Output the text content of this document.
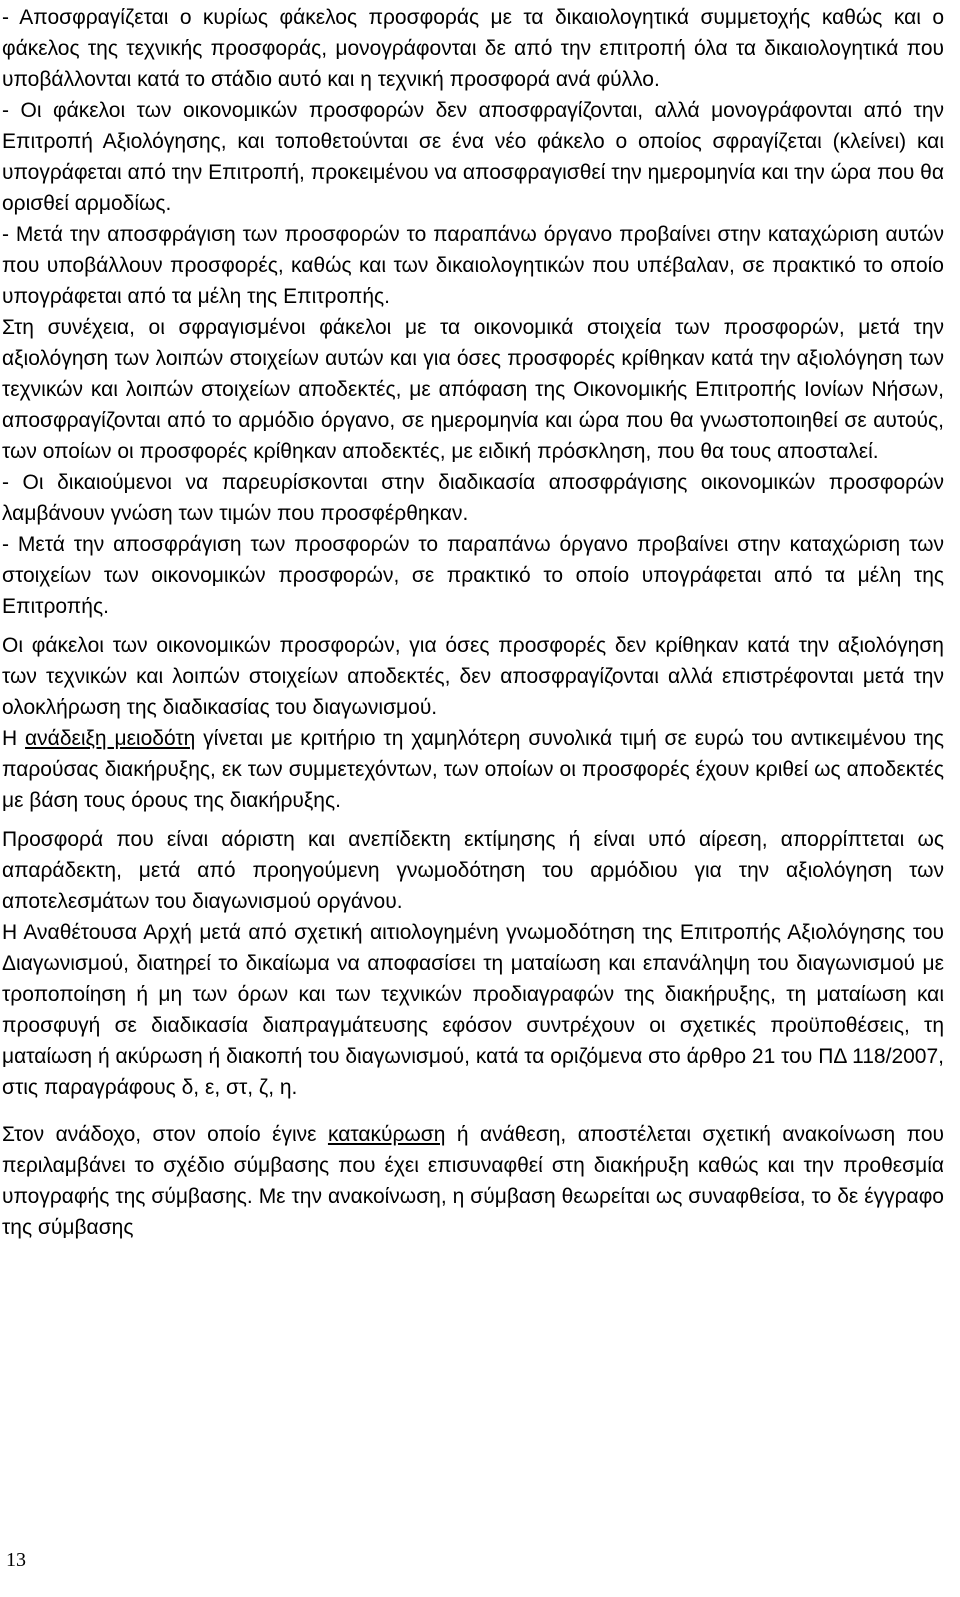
- Αποσφραγίζεται ο κυρίως φάκελος προσφοράς με τα δικαιολογητικά συμμετοχής καθώς και ο φάκελος της τεχνικής προσφοράς, μονογράφονται δε από την επιτροπή όλα τα δικαιολογητικά που υποβάλλονται κατά το στάδιο αυτό και η τεχνική προσφορά ανά φύλλο.

- Οι φάκελοι των οικονομικών προσφορών δεν αποσφραγίζονται, αλλά μονογράφονται από την Επιτροπή Αξιολόγησης, και τοποθετούνται σε ένα νέο φάκελο ο οποίος σφραγίζεται (κλείνει) και υπογράφεται από την Επιτροπή, προκειμένου να αποσφραγισθεί την ημερομηνία και την ώρα που θα ορισθεί αρμοδίως.

- Μετά την αποσφράγιση των προσφορών το παραπάνω όργανο προβαίνει στην καταχώριση αυτών που υποβάλλουν προσφορές, καθώς και των δικαιολογητικών που υπέβαλαν, σε πρακτικό το οποίο υπογράφεται από τα μέλη της Επιτροπής.

Στη συνέχεια, οι σφραγισμένοι φάκελοι με τα οικονομικά στοιχεία των προσφορών, μετά την αξιολόγηση των λοιπών στοιχείων αυτών και για όσες προσφορές κρίθηκαν κατά την αξιολόγηση των τεχνικών και λοιπών στοιχείων αποδεκτές, με απόφαση της Οικονομικής Επιτροπής Ιονίων Νήσων, αποσφραγίζονται από το αρμόδιο όργανο, σε ημερομηνία και ώρα που θα γνωστοποιηθεί σε αυτούς, των οποίων οι προσφορές κρίθηκαν αποδεκτές, με ειδική πρόσκληση, που θα τους αποσταλεί.

- Οι δικαιούμενοι να παρευρίσκονται στην διαδικασία αποσφράγισης οικονομικών προσφορών λαμβάνουν γνώση των τιμών που προσφέρθηκαν.

- Μετά την αποσφράγιση των προσφορών το παραπάνω όργανο προβαίνει στην καταχώριση των στοιχείων των οικονομικών προσφορών, σε πρακτικό το οποίο υπογράφεται από τα μέλη της Επιτροπής.

Οι φάκελοι των οικονομικών προσφορών, για όσες προσφορές δεν κρίθηκαν κατά την αξιολόγηση των τεχνικών και λοιπών στοιχείων αποδεκτές, δεν αποσφραγίζονται αλλά επιστρέφονται μετά την ολοκλήρωση της διαδικασίας του διαγωνισμού.

Η ανάδειξη μειοδότη γίνεται με κριτήριο τη χαμηλότερη συνολικά τιμή σε ευρώ του αντικειμένου της παρούσας διακήρυξης, εκ των συμμετεχόντων, των οποίων οι προσφορές έχουν κριθεί ως αποδεκτές με βάση τους όρους της διακήρυξης.

Προσφορά που είναι αόριστη και ανεπίδεκτη εκτίμησης ή είναι υπό αίρεση, απορρίπτεται ως απαράδεκτη, μετά από προηγούμενη γνωμοδότηση του αρμόδιου για την αξιολόγηση των αποτελεσμάτων του διαγωνισμού οργάνου.

Η Αναθέτουσα Αρχή μετά από σχετική αιτιολογημένη γνωμοδότηση της Επιτροπής Αξιολόγησης του Διαγωνισμού, διατηρεί το δικαίωμα να αποφασίσει τη ματαίωση και επανάληψη του διαγωνισμού με τροποποίηση ή μη των όρων και των τεχνικών προδιαγραφών της διακήρυξης, τη ματαίωση και προσφυγή σε διαδικασία διαπραγμάτευσης εφόσον συντρέχουν οι σχετικές προϋποθέσεις, τη ματαίωση ή ακύρωση ή διακοπή του διαγωνισμού, κατά τα οριζόμενα στο άρθρο 21 του ΠΔ 118/2007, στις παραγράφους δ, ε, στ, ζ, η.

Στον ανάδοχο, στον οποίο έγινε κατακύρωση ή ανάθεση, αποστέλεται σχετική ανακοίνωση που περιλαμβάνει το σχέδιο σύμβασης που έχει επισυναφθεί στη διακήρυξη καθώς και την προθεσμία υπογραφής της σύμβασης. Με την ανακοίνωση, η σύμβαση θεωρείται ως συναφθείσα, το δε έγγραφο της σύμβασης

13
